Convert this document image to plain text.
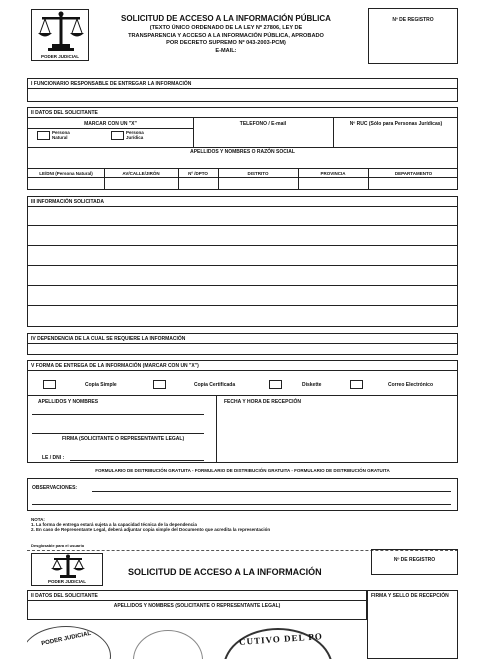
PODER JUDICIAL
SOLICITUD DE ACCESO A LA INFORMACIÓN PÚBLICA
(TEXTO ÚNICO ORDENADO DE LA LEY Nº 27806, LEY DE
TRANSPARENCIA Y ACCESO A LA INFORMACIÓN PÚBLICA, APROBADO
POR DECRETO SUPREMO Nº 043-2003-PCM)
E-MAIL:
Nº DE REGISTRO
I FUNCIONARIO RESPONSABLE DE ENTREGAR LA INFORMACIÓN
II DATOS DEL SOLICITANTE
MARCAR CON UN "X"	TELEFONO / E-mail	Nº RUC (Sólo para Personas Jurídicas)
Persona
Natural
Persona
Jurídica
APELLIDOS Y NOMBRES O RAZÓN SOCIAL
LE/DNI (Persona Natural)	AV/CALLE/JIRÓN	Nº /DPTO	DISTRITO	PROVINCIA	DEPARTAMENTO
III INFORMACIÓN SOLICITADA
IV DEPENDENCIA DE LA CUAL SE REQUIERE LA INFORMACIÓN
V FORMA DE ENTREGA DE LA INFORMACIÓN (MARCAR CON UN "X")
Copia Simple	Copia Certificada	Diskette	Correo Electrónico
APELLIDOS Y NOMBRES
FIRMA (SOLICITANTE O REPRESENTANTE LEGAL)
LE / DNI :
FECHA Y HORA DE RECEPCIÓN
FORMULARIO DE DISTRIBUCIÓN GRATUITA - FORMULARIO DE DISTRIBUCIÓN GRATUITA - FORMULARIO DE DISTRIBUCIÓN GRATUITA
OBSERVACIONES:
NOTA:
1. La forma de entrega estará sujeta a la capacidad técnica de la dependencia
2. En caso de Representante Legal, deberá adjuntar copia simple del Documento que acredita la representación
Desglosable para el usuario
PODER JUDICIAL
SOLICITUD DE ACCESO A LA INFORMACIÓN
Nº DE REGISTRO
II DATOS DEL SOLICITANTE
APELLIDOS Y NOMBRES (SOLICITANTE O REPRESENTANTE LEGAL)
FIRMA Y SELLO DE RECEPCIÓN
PODER JUDICIAL	CUTIVO DEL PO
